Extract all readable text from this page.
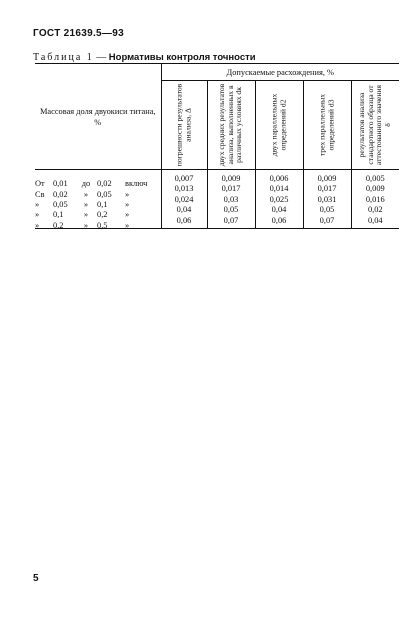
ГОСТ 21639.5—93
Таблица 1 — Нормативы контроля точности
Массовая доля двуокиси титана, %	Допускаемые расхождения, %				

	погрешности результатов анализа, Δ	двух средних результатов анализа, выполненных в различных условиях dк	двух параллельных определений d2	трех параллельных определений d3	результатов анализа стандартного образца от аттестованного значения δ

От 0,01 до 0,02 включ	0,007	0,009	0,006	0,009	0,005

Св 0,02 » 0,05 »	0,013	0,017	0,014	0,017	0,009

» 0,05 » 0,1 »	0,024	0,03	0,025	0,031	0,016

» 0,1 » 0,2 »	0,04	0,05	0,04	0,05	0,02

» 0,2 » 0,5 »	0,06	0,07	0,06	0,07	0,04
5
